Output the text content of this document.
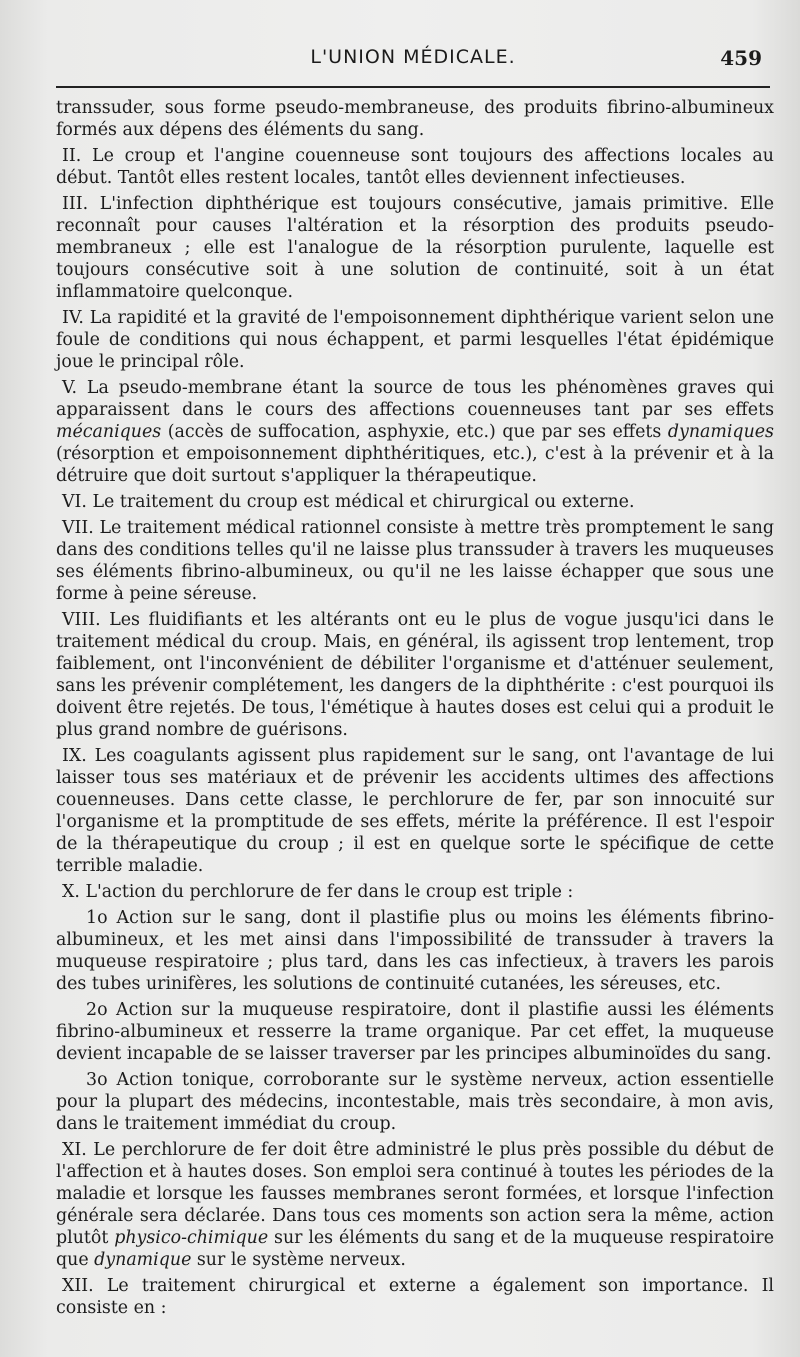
L'UNION MÉDICALE.	459

transsuder, sous forme pseudo-membraneuse, des produits fibrino-albumineux formés aux dépens des éléments du sang.

II. Le croup et l'angine couenneuse sont toujours des affections locales au début. Tantôt elles restent locales, tantôt elles deviennent infectieuses.

III. L'infection diphthérique est toujours consécutive, jamais primitive. Elle reconnaît pour causes l'altération et la résorption des produits pseudo-membraneux ; elle est l'analogue de la résorption purulente, laquelle est toujours consécutive soit à une solution de continuité, soit à un état inflammatoire quelconque.

IV. La rapidité et la gravité de l'empoisonnement diphthérique varient selon une foule de conditions qui nous échappent, et parmi lesquelles l'état épidémique joue le principal rôle.

V. La pseudo-membrane étant la source de tous les phénomènes graves qui apparaissent dans le cours des affections couenneuses tant par ses effets mécaniques (accès de suffocation, asphyxie, etc.) que par ses effets dynamiques (résorption et empoisonnement diphthéritiques, etc.), c'est à la prévenir et à la détruire que doit surtout s'appliquer la thérapeutique.

VI. Le traitement du croup est médical et chirurgical ou externe.

VII. Le traitement médical rationnel consiste à mettre très promptement le sang dans des conditions telles qu'il ne laisse plus transsuder à travers les muqueuses ses éléments fibrino-albumineux, ou qu'il ne les laisse échapper que sous une forme à peine séreuse.

VIII. Les fluidifiants et les altérants ont eu le plus de vogue jusqu'ici dans le traitement médical du croup. Mais, en général, ils agissent trop lentement, trop faiblement, ont l'inconvénient de débiliter l'organisme et d'atténuer seulement, sans les prévenir complétement, les dangers de la diphthérite : c'est pourquoi ils doivent être rejetés. De tous, l'émétique à hautes doses est celui qui a produit le plus grand nombre de guérisons.

IX. Les coagulants agissent plus rapidement sur le sang, ont l'avantage de lui laisser tous ses matériaux et de prévenir les accidents ultimes des affections couenneuses. Dans cette classe, le perchlorure de fer, par son innocuité sur l'organisme et la promptitude de ses effets, mérite la préférence. Il est l'espoir de la thérapeutique du croup ; il est en quelque sorte le spécifique de cette terrible maladie.

X. L'action du perchlorure de fer dans le croup est triple :

1o Action sur le sang, dont il plastifie plus ou moins les éléments fibrino-albumineux, et les met ainsi dans l'impossibilité de transsuder à travers la muqueuse respiratoire ; plus tard, dans les cas infectieux, à travers les parois des tubes urinifères, les solutions de continuité cutanées, les séreuses, etc.

2o Action sur la muqueuse respiratoire, dont il plastifie aussi les éléments fibrino-albumineux et resserre la trame organique. Par cet effet, la muqueuse devient incapable de se laisser traverser par les principes albuminoïdes du sang.

3o Action tonique, corroborante sur le système nerveux, action essentielle pour la plupart des médecins, incontestable, mais très secondaire, à mon avis, dans le traitement immédiat du croup.

XI. Le perchlorure de fer doit être administré le plus près possible du début de l'affection et à hautes doses. Son emploi sera continué à toutes les périodes de la maladie et lorsque les fausses membranes seront formées, et lorsque l'infection générale sera déclarée. Dans tous ces moments son action sera la même, action plutôt physico-chimique sur les éléments du sang et de la muqueuse respiratoire que dynamique sur le système nerveux.

XII. Le traitement chirurgical et externe a également son importance. Il consiste en :
